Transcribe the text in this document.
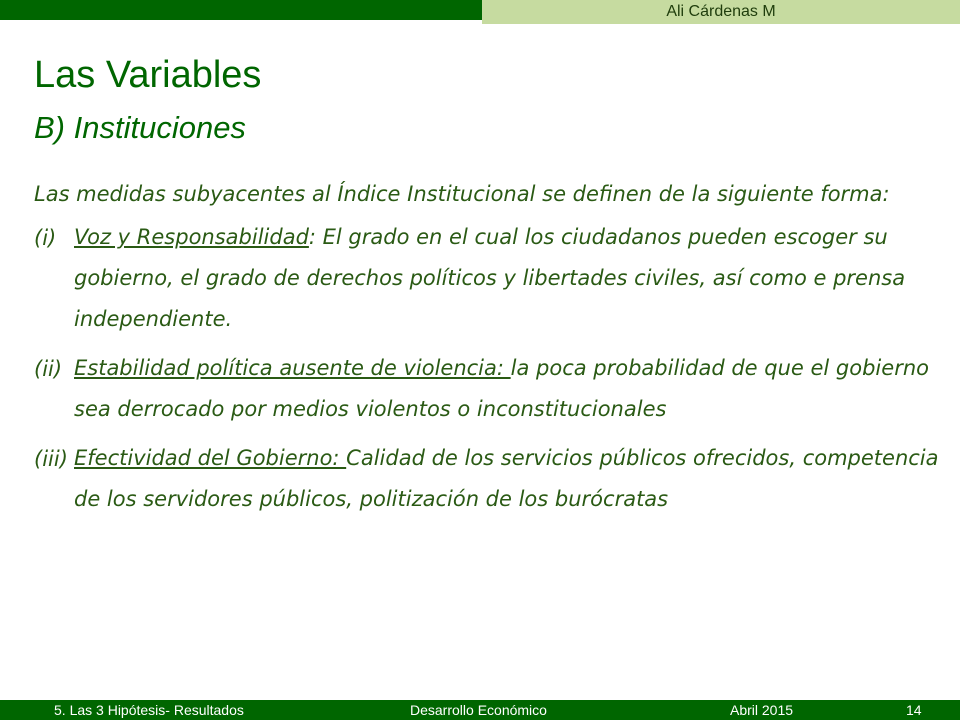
Ali Cárdenas M
Las Variables
B) Instituciones

Las medidas subyacentes al Índice Institucional se definen de la siguiente forma:

(i) Voz y Responsabilidad: El grado en el cual los ciudadanos pueden escoger su gobierno, el grado de derechos políticos y libertades civiles, así como e prensa independiente.

(ii) Estabilidad política ausente de violencia: la poca probabilidad de que el gobierno sea derrocado por medios violentos o inconstitucionales

(iii) Efectividad del Gobierno: Calidad de los servicios públicos ofrecidos, competencia de los servidores públicos, politización de los burócratas

5. Las 3 Hipótesis- Resultados	Desarrollo Económico	Abril 2015	14
